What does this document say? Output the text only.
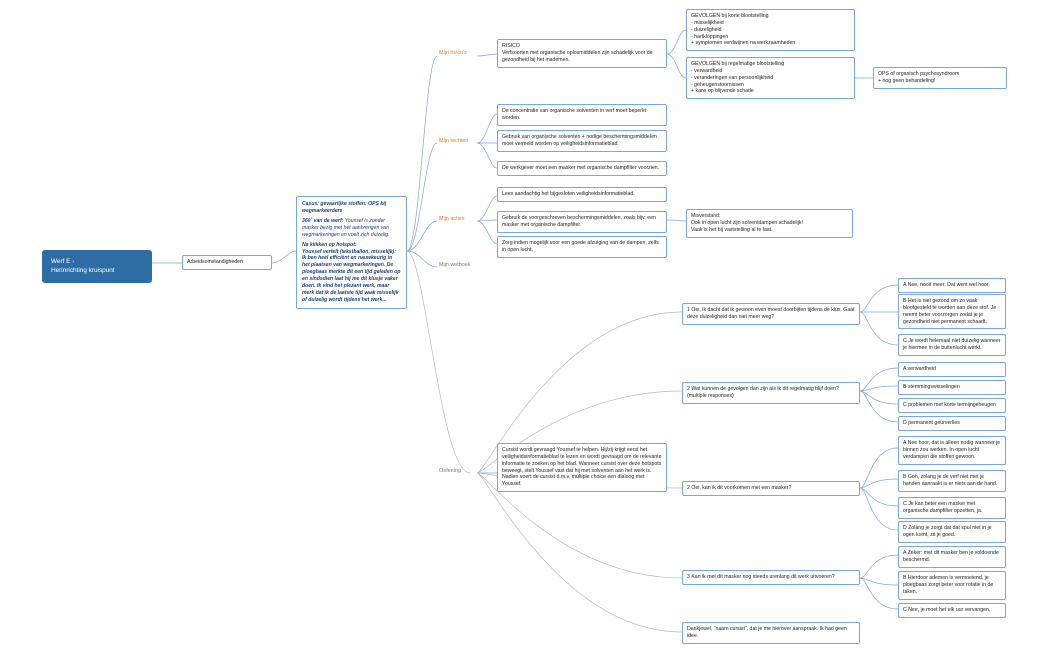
Werf E ›
Herinrichting kruispunt
Arbeidsomstandigheden

Casus: gevaarlijke stoffen: OPS bij wegmarkeerders

360˚ van de werf: Youssef is zonder masker bezig met het aanbrengen van wegmarkeringen en voelt zich duizelig.

Na klikken op hotspot:
Youssef vertelt (tekstballon, misselijk): Ik ben heel efficiënt en nauwkeurig in het plaatsen van wegmarkeringen. De ploegbaas merkte dit een tijd geleden op en sindsdien laat hij me dit klusje vaker doen. Ik vind het plezant werk, maar merk dat ik de laatste tijd vaak misselijk of duizelig wordt tijdens het werk...

Mijn risico's
Mijn rechten
Mijn acties
Mijn wetboek
Oefening
RISICO
Verfsoorten met organische oplosmiddelen zijn schadelijk voor de gezondheid bij het inademen.
GEVOLGEN bij korte blootstelling
- misselijkheid
- duizeligheid
- hartkloppingen
+ symptomen verdwijnen na werkzaamheden
GEVOLGEN bij regelmatige blootstelling
- verwardheid
- veranderingen van persoonlijkheid
- geheugenstoornissen
+ kans op blijvende schade
OPS of organisch psychosyndroom
+ nog geen behandeling!
De concentratie van organische solventen in verf moet beperkt worden.
Gebruik van organische solventen + nodige beschermingsmiddelen moet vermeld worden op veiligheidsinformatieblad.
De werkgever moet een masker met organische dampfilter voorzien.
Lees aandachtig het bijgesloten veiligheidsinformatieblad.
Gebruik de voorgeschreven beschermingsmiddelen, zoals bijv. een masker met organische dampfilter.
Zorg indien mogelijk voor een goede afzuiging van de dampen, zelfs in open lucht.
Misverstand:
Ook in open lucht zijn solventdampen schadelijk!
Vaak is het bij vaststelling al te laat.
Cursist wordt gevraagd Youssef te helpen. Hij/zij krijgt eerst het veiligheidsinformatieblad te lezen en wordt gevraagd om de relevante informatie te zoeken op het blad. Wanneer cursist over deze hotspots beweegt, stelt Youssef vast dat hij met solventen aan het werk is. Nadien voert de cursist d.m.v. multiple choice een dialoog met Youssef.
1 Oei, ik dacht dat ik gewoon even moest doorbijten tijdens de klus. Gaat deze duizeligheid dan niet meer weg?
A Nee, nooit meer. Dat went wel hoor.
B Het is niet gezond om zo vaak blootgesteld te worden aan deze stof. Je neemt beter voorzorgen zodat je je gezondheid niet permanent schaadt.
C Je wordt helemaal niet duizelig wanneer je hiermee in de buitenlucht werkt.
2 Wat kunnen de gevolgen dan zijn als ik dit regelmatig blijf doen? (multiple responses)
A verwardheid
B stemmingswisselingen
C problemen met korte termijngeheugen
D permanent geurverlies
2 Oei, kan ik dit voorkomen met een masker?
A Nee hoor, dat is alleen nodig wanneer je binnen zou werken. In open lucht verdampen die stoffen gewoon.
B Goh, zolang je de verf niet met je handen aanraakt is er niets aan de hand.
C Je kan beter een masker met organische dampfilter opzetten, ja.
D Zolang je zorgt dat dat spul niet in je ogen komt, zit je goed.
3 Kan ik met dit masker nog steeds urenlang dit werk uitvoeren?
A Zeker: met dit masker ben je voldoende beschermd.
B Hierdoor ademen is vermoeiend, je ploegbaas zorgt beter voor rotatie in de taken.
C Nee, je moet het elk uur vervangen.
Dankjewel, “naam cursist”, dat je me hierover aanspraak. Ik had geen idee.
